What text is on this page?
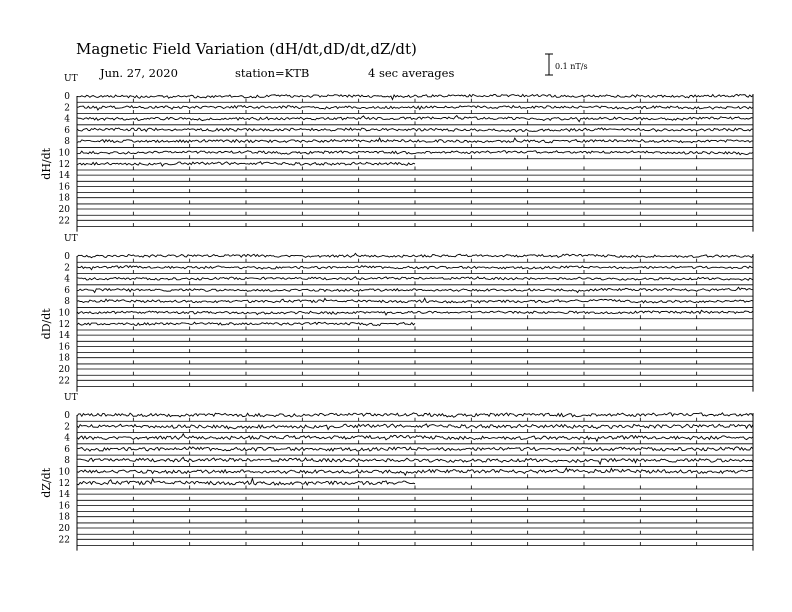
Magnetic Field Variation (dH/dt,dD/dt,dZ/dt)
Jun. 27, 2020	station=KTB	4 sec averages	0.1 nT/s
UT
dH/dt
0
2
4
6
8
10
12
14
16
18
20
22
UT
dD/dt
0
2
4
6
8
10
12
14
16
18
20
22
UT
dZ/dt
0
2
4
6
8
10
12
14
16
18
20
22
